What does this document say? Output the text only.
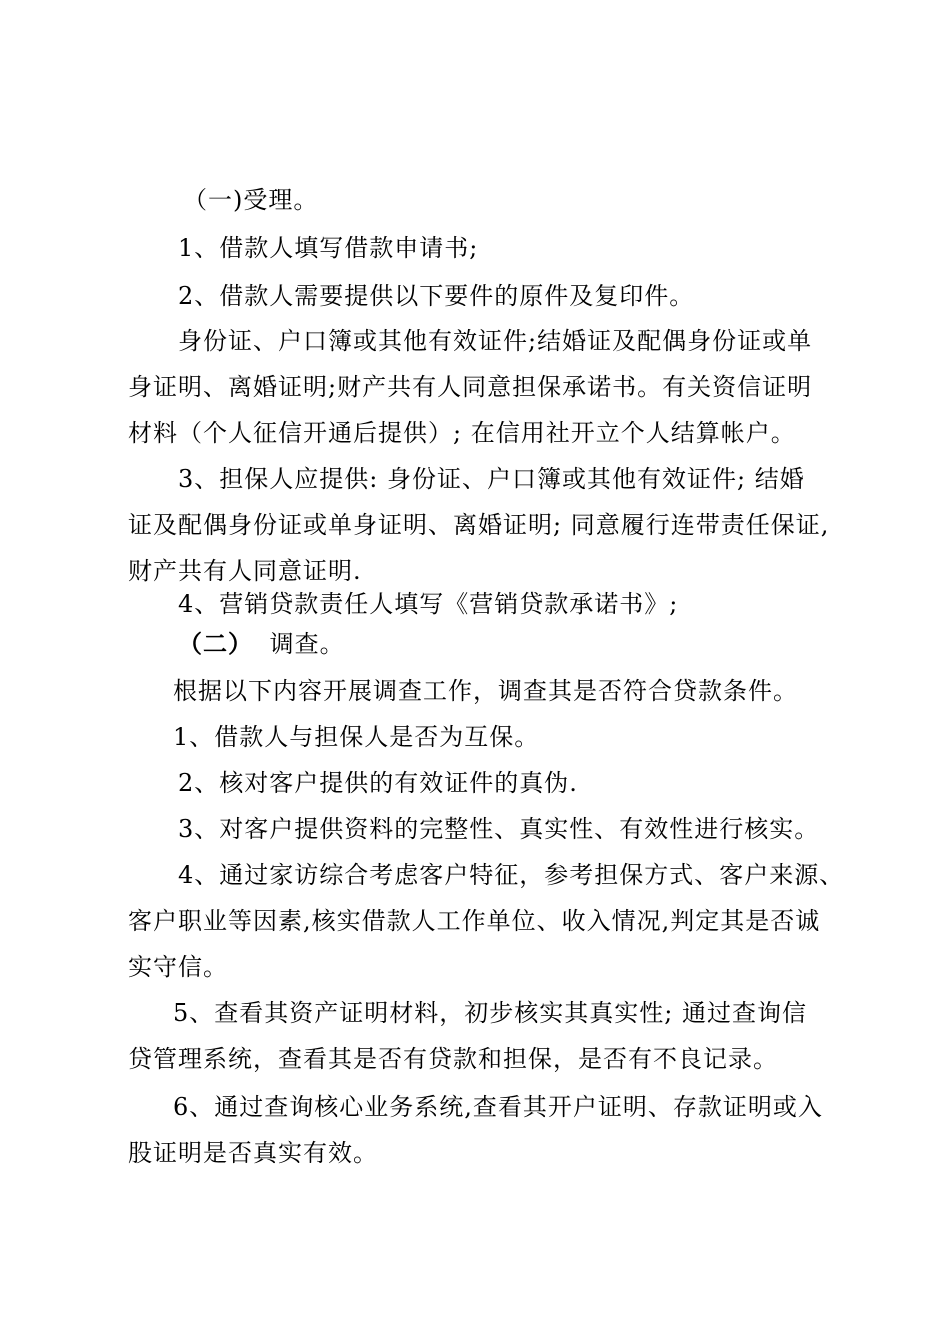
（一)受理。
1、借款人填写借款申请书;
2、借款人需要提供以下要件的原件及复印件。
身份证、户口簿或其他有效证件;结婚证及配偶身份证或单
身证明、离婚证明;财产共有人同意担保承诺书。有关资信证明
材料（个人征信开通后提供）; 在信用社开立个人结算帐户。
3、担保人应提供: 身份证、户口簿或其他有效证件; 结婚
证及配偶身份证或单身证明、离婚证明; 同意履行连带责任保证,
财产共有人同意证明.
4、营销贷款责任人填写《营销贷款承诺书》;
（二） 调查。
根据以下内容开展调查工作，调查其是否符合贷款条件。
1、借款人与担保人是否为互保。
2、核对客户提供的有效证件的真伪.
3、对客户提供资料的完整性、真实性、有效性进行核实。
4、通过家访综合考虑客户特征，参考担保方式、客户来源、
客户职业等因素,核实借款人工作单位、收入情况,判定其是否诚
实守信。
5、查看其资产证明材料，初步核实其真实性; 通过查询信
贷管理系统，查看其是否有贷款和担保，是否有不良记录。
6、通过查询核心业务系统,查看其开户证明、存款证明或入
股证明是否真实有效。
